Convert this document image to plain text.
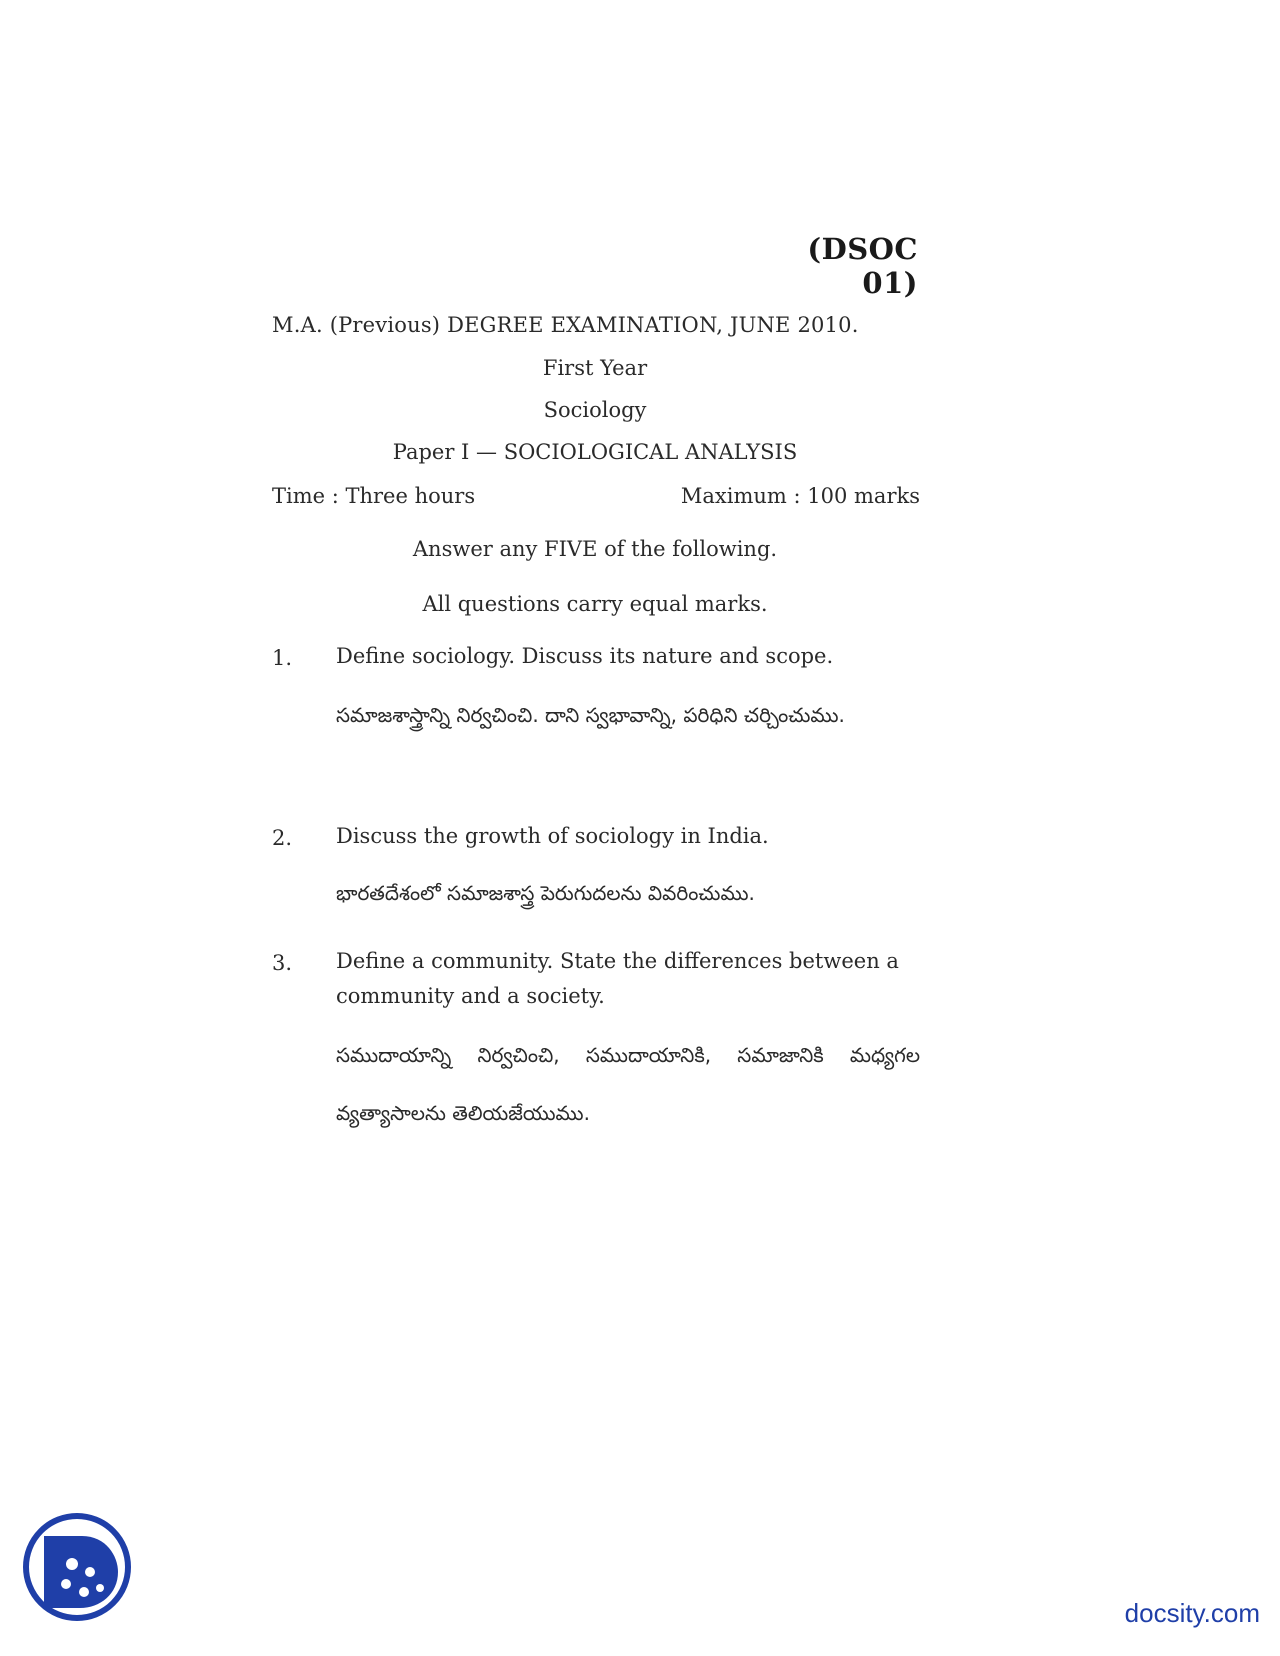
(DSOC 01)
M.A. (Previous) DEGREE EXAMINATION, JUNE 2010.
First Year
Sociology
Paper I — SOCIOLOGICAL ANALYSIS
Time : Three hours	Maximum : 100 marks
Answer any FIVE of the following.
All questions carry equal marks.
1. Define sociology. Discuss its nature and scope.
సమాజశాస్త్రాన్ని నిర్వచించి. దాని స్వభావాన్ని, పరిధిని చర్చించుము.
2. Discuss the growth of sociology in India.
భారతదేశంలో సమాజశాస్త్ర పెరుగుదలను వివరించుము.
3. Define a community. State the differences between a community and a society.
సముదాయాన్ని నిర్వచించి, సముదాయానికి, సమాజానికి మధ్యగల వ్యత్యాసాలను తెలియజేయుము.
docsity.com
